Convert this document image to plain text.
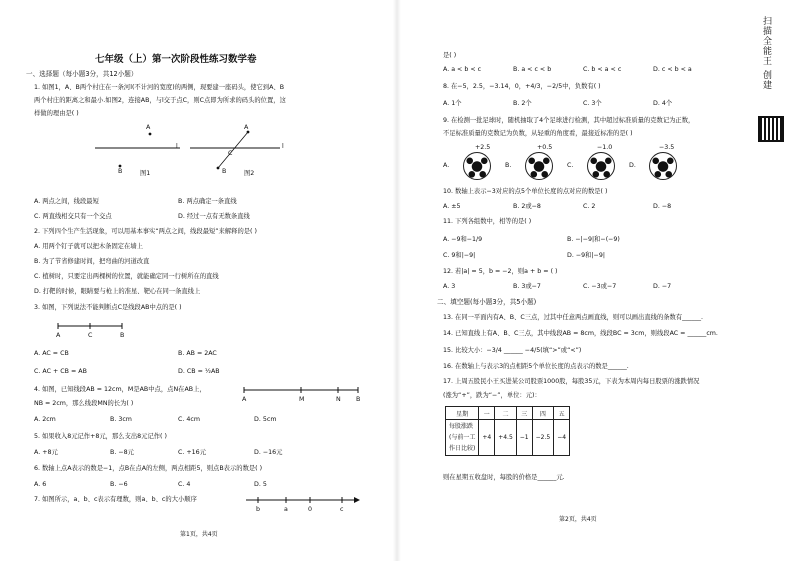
七年级（上）第一次阶段性练习数学卷
一、选择题（每小题3分，共12小题）
1. 如图1，A、B两个村庄在一条河l(不计河的宽度)的两侧，现要建一座码头，使它到A、B
两个村庄的距离之和最小.如图2，连接AB，与l交于点C，则C点即为所求的码头的位置，这
样做的理由是( )
A
B
l
图1
A
C
l
B	图2
A. 两点之间，线段最短	B. 两点确定一条直线
C. 两直线相交只有一个交点	D. 经过一点有无数条直线
2. 下列四个生产生活现象，可以用基本事实“两点之间，线段最短”来解释的是( )
A. 用两个钉子就可以把木条固定在墙上
B. 为了节省修建时间，把弯曲的河道改直
C. 植树时，只要定出两棵树的位置，就能确定同一行树所在的直线
D. 打靶的时候，眼睛要与枪上的准星、靶心在同一条直线上
3. 如图，下列说法不能判断点C是线段AB中点的是( )
A	C	B
A. AC = CB	B. AB = 2AC
C. AC + CB = AB	D. CB = ½AB
4. 如图，已知线段AB = 12cm，M是AB中点，点N在AB上，
NB = 2cm，那么线段MN的长为( )
A	M	N B
A. 2cm	B. 3cm	C. 4cm	D. 5cm
5. 如果收入8元记作+8元，那么支出8元记作( )
A. +8元	B. −8元	C. +16元	D. −16元
6. 数轴上点A表示的数是−1，点B在点A的左侧，两点相距5，则点B表示的数是( )
A. 6	B. −6	C. 4	D. 5
7. 如图所示，a、b、c表示有理数，则a、b、c的大小顺序
b	a	0	c
第1页，共4页
是( )
A. a < b < c	B. a < c < b	C. b < a < c	D. c < b < a
8. 在−5，2.5，−3.14，0，+4/3，−2/5中，负数有( )
A. 1个	B. 2个	C. 3个	D. 4个
9. 在检测一批足球时，随机抽取了4个足球进行检测，其中超过标准质量的克数记为正数，
不足标准质量的克数记为负数，从轻重的角度看，最接近标准的是( )
+2.5
A.
+0.5
B.
−1.0
C.
−3.5
D.
10. 数轴上表示−3对应的点5个单位长度的点对应的数是( )
A. ±5	B. 2或−8	C. 2	D. −8
11. 下列各组数中，相等的是( )
A. −9和−1/9	B. −|−9|和−(−9)
C. 9和|−9|	D. −9和|−9|
12. 若|a| = 5，b = −2，则a + b = ( )
A. 3	B. 3或−7	C. −3或−7	D. −7
二、填空题(每小题3分，共5小题)
13. 在同一平面内有A、B、C三点，过其中任意两点画直线，则可以画出直线的条数有______.
14. 已知直线上有A、B、C三点，其中线段AB = 8cm，线段BC = 3cm，则线段AC = ______cm.
15. 比较大小：−3/4 ______ −4/5(填“>”或“<”)
16. 在数轴上与表示3的点相距5个单位长度的点表示的数是______.
17. 上周五股民小王买进某公司股票1000股，每股35元，下表为本周内每日股票的涨跌情况
(涨为“+”，跌为“−”，单位：元)：
星期	一	二	三	四	五

每股涨跌
(与前一工
作日比较)	+4	+4.5	−1	−2.5	−4
则在星期五收盘时，每股的价格是______元.
第2页，共4页
扫描全能王 创建
